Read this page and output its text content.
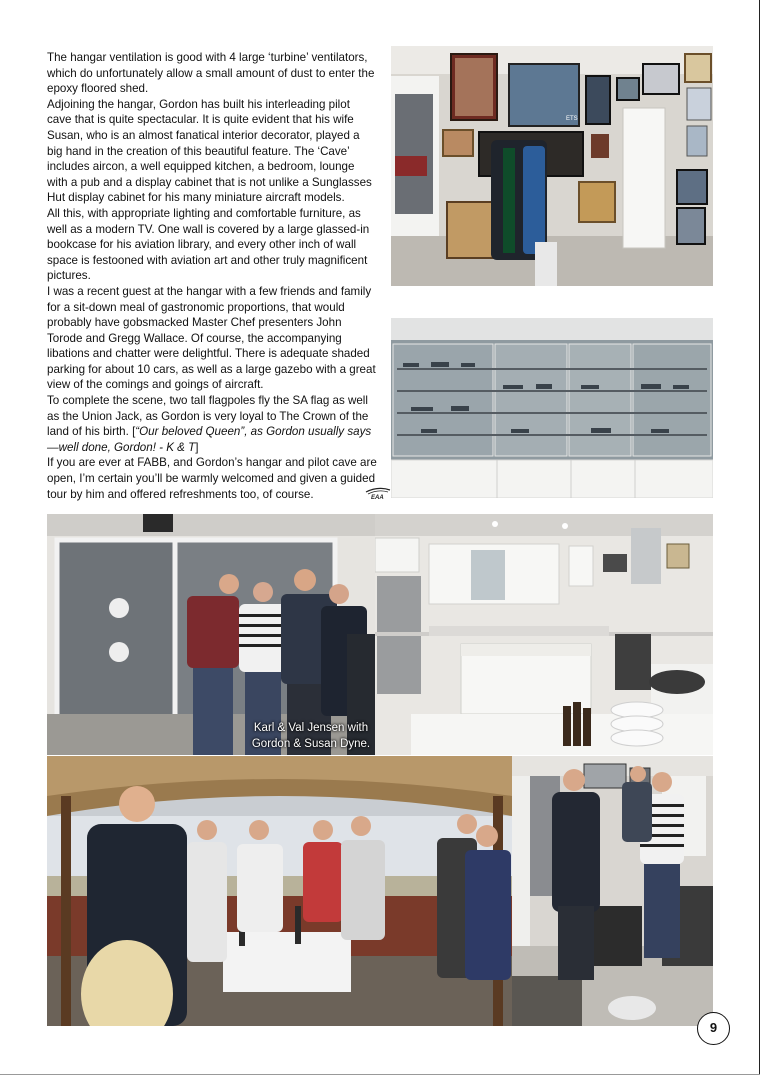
The hangar ventilation is good with 4 large ‘turbine’ ventilators, which do unfortunately allow a small amount of dust to enter the epoxy floored shed.

Adjoining the hangar, Gordon has built his interleading pilot cave that is quite spectacular. It is quite evident that his wife Susan, who is an almost fanatical interior decorator, played a big hand in the creation of this beautiful feature. The ‘Cave’ includes aircon, a well equipped kitchen, a bedroom, lounge with a pub and a display cabinet that is not unlike a Sunglasses Hut display cabinet for his many miniature aircraft models.

All this, with appropriate lighting and comfortable furniture, as well as a modern TV. One wall is covered by a large glassed-in bookcase for his aviation library, and every other inch of wall space is festooned with aviation art and other truly magnificent pictures.

I was a recent guest at the hangar with a few friends and family for a sit-down meal of gastronomic proportions, that would probably have gobsmacked Master Chef presenters John Torode and Gregg Wallace. Of course, the accompanying libations and chatter were delightful. There is adequate shaded parking for about 10 cars, as well as a large gazebo with a great view of the comings and goings of aircraft.

To complete the scene, two tall flagpoles fly the SA flag as well as the Union Jack, as Gordon is very loyal to The Crown of the land of his birth. [“Our beloved Queen”, as Gordon usually says—well done, Gordon! - K & T]

If you are ever at FABB, and Gordon’s hangar and pilot cave are open, I’m certain you’ll be warmly welcomed and given a guided tour by him and offered refreshments too, of course.	EAA
ETS
Karl & Val Jensen with
Gordon & Susan Dyne.
9
